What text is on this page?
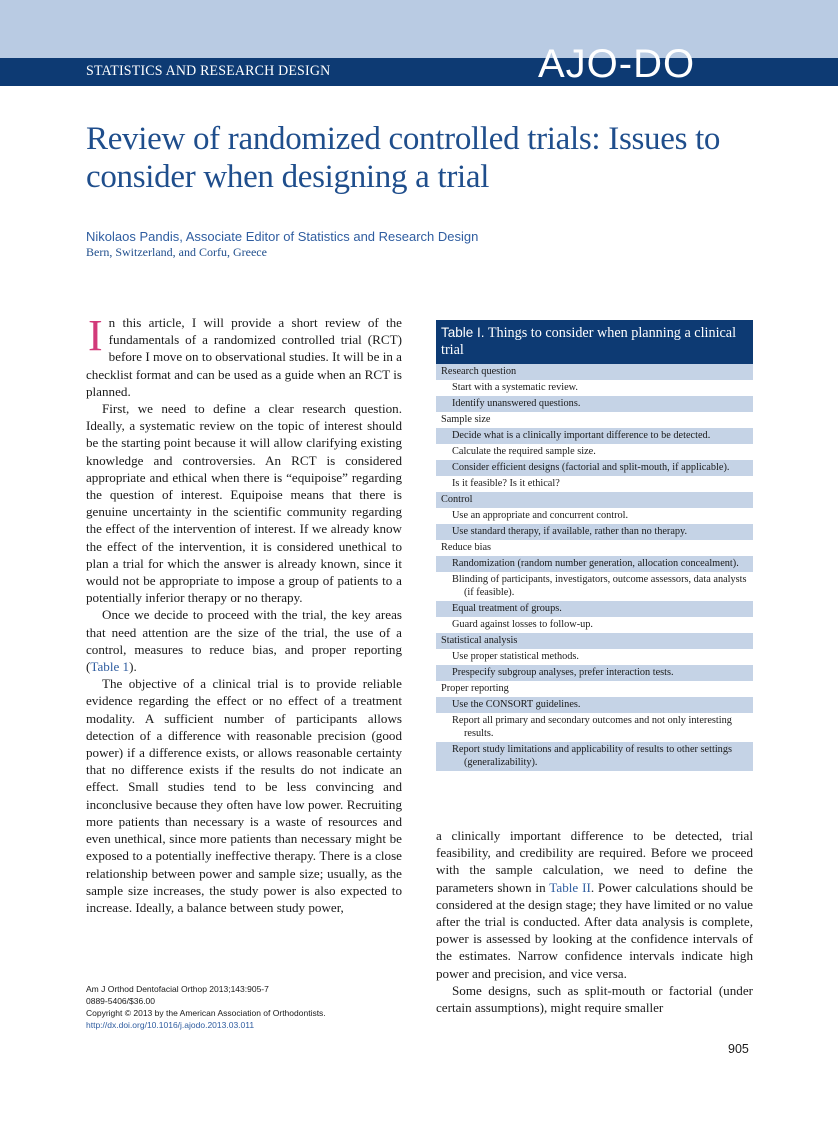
STATISTICS AND RESEARCH DESIGN	AJO-DO
Review of randomized controlled trials: Issues to consider when designing a trial
Nikolaos Pandis, Associate Editor of Statistics and Research Design
Bern, Switzerland, and Corfu, Greece

In this article, I will provide a short review of the fundamentals of a randomized controlled trial (RCT) before I move on to observational studies. It will be in a checklist format and can be used as a guide when an RCT is planned.

First, we need to define a clear research question. Ideally, a systematic review on the topic of interest should be the starting point because it will allow clarifying existing knowledge and controversies. An RCT is considered appropriate and ethical when there is “equipoise” regarding the question of interest. Equipoise means that there is genuine uncertainty in the scientific community regarding the effect of the intervention of interest. If we already know the effect of the intervention, it is considered unethical to plan a trial for which the answer is already known, since it would not be appropriate to impose a group of patients to a potentially inferior therapy or no therapy.

Once we decide to proceed with the trial, the key areas that need attention are the size of the trial, the use of a control, measures to reduce bias, and proper reporting (Table 1).

The objective of a clinical trial is to provide reliable evidence regarding the effect or no effect of a treatment modality. A sufficient number of participants allows detection of a difference with reasonable precision (good power) if a difference exists, or allows reasonable certainty that no difference exists if the results do not indicate an effect. Small studies tend to be less convincing and inconclusive because they often have low power. Recruiting more patients than necessary is a waste of resources and even unethical, since more patients than necessary might be exposed to a potentially ineffective therapy. There is a close relationship between power and sample size; usually, as the sample size increases, the study power is also expected to increase. Ideally, a balance between study power,

Am J Orthod Dentofacial Orthop 2013;143:905-7
0889-5406/$36.00
Copyright © 2013 by the American Association of Orthodontists.
http://dx.doi.org/10.1016/j.ajodo.2013.03.011
Table I. Things to consider when planning a clinical trial
Research question
Start with a systematic review.
Identify unanswered questions.
Sample size
Decide what is a clinically important difference to be detected.
Calculate the required sample size.
Consider efficient designs (factorial and split-mouth, if applicable).
Is it feasible? Is it ethical?
Control
Use an appropriate and concurrent control.
Use standard therapy, if available, rather than no therapy.
Reduce bias
Randomization (random number generation, allocation concealment).
Blinding of participants, investigators, outcome assessors, data analysts (if feasible).
Equal treatment of groups.
Guard against losses to follow-up.
Statistical analysis
Use proper statistical methods.
Prespecify subgroup analyses, prefer interaction tests.
Proper reporting
Use the CONSORT guidelines.
Report all primary and secondary outcomes and not only interesting results.
Report study limitations and applicability of results to other settings (generalizability).

a clinically important difference to be detected, trial feasibility, and credibility are required. Before we proceed with the sample calculation, we need to define the parameters shown in Table II. Power calculations should be considered at the design stage; they have limited or no value after the trial is conducted. After data analysis is complete, power is assessed by looking at the confidence intervals of the estimates. Narrow confidence intervals indicate high power and precision, and vice versa.

Some designs, such as split-mouth or factorial (under certain assumptions), might require smaller

905
